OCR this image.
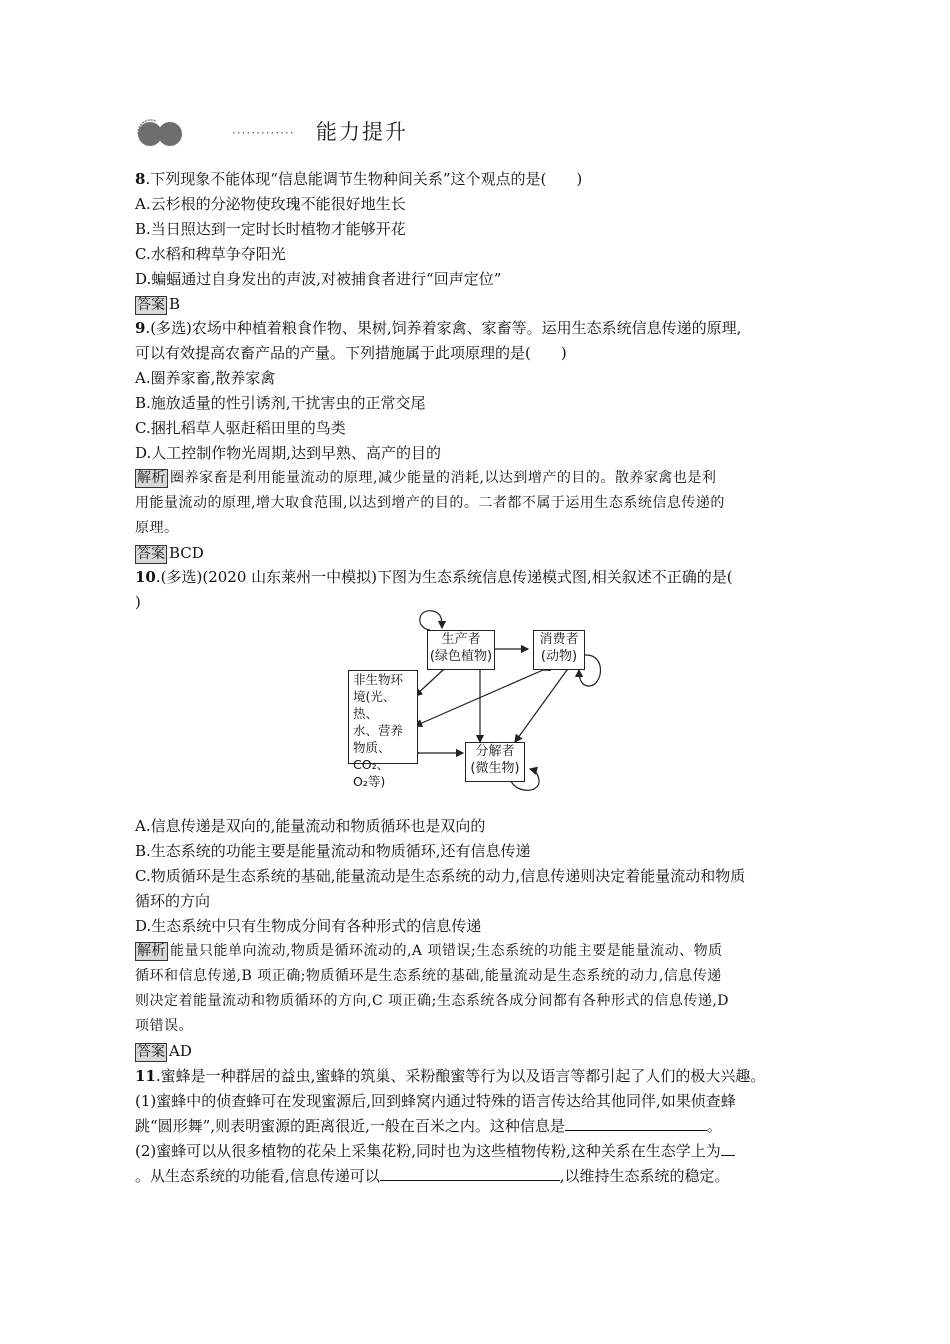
············· 能力提升
8.下列现象不能体现“信息能调节生物种间关系”这个观点的是(　　)
A.云杉根的分泌物使玫瑰不能很好地生长
B.当日照达到一定时长时植物才能够开花
C.水稻和稗草争夺阳光
D.蝙蝠通过自身发出的声波,对被捕食者进行“回声定位”
答案 B
9.(多选)农场中种植着粮食作物、果树,饲养着家禽、家畜等。运用生态系统信息传递的原理,
可以有效提高农畜产品的产量。下列措施属于此项原理的是(　　)
A.圈养家畜,散养家禽
B.施放适量的性引诱剂,干扰害虫的正常交尾
C.捆扎稻草人驱赶稻田里的鸟类
D.人工控制作物光周期,达到早熟、高产的目的
解析 圈养家畜是利用能量流动的原理,减少能量的消耗,以达到增产的目的。散养家禽也是利
用能量流动的原理,增大取食范围,以达到增产的目的。二者都不属于运用生态系统信息传递的
原理。
答案 BCD
10.(多选)(2020 山东莱州一中模拟)下图为生态系统信息传递模式图,相关叙述不正确的是(
)
生产者
(绿色植物)
消费者
(动物)
非生物环
境(光、热、
水、营养
物质、CO₂、
O₂等)
分解者
(微生物)
A.信息传递是双向的,能量流动和物质循环也是双向的
B.生态系统的功能主要是能量流动和物质循环,还有信息传递
C.物质循环是生态系统的基础,能量流动是生态系统的动力,信息传递则决定着能量流动和物质
循环的方向
D.生态系统中只有生物成分间有各种形式的信息传递
解析 能量只能单向流动,物质是循环流动的,A 项错误;生态系统的功能主要是能量流动、物质
循环和信息传递,B 项正确;物质循环是生态系统的基础,能量流动是生态系统的动力,信息传递
则决定着能量流动和物质循环的方向,C 项正确;生态系统各成分间都有各种形式的信息传递,D
项错误。
答案 AD
11.蜜蜂是一种群居的益虫,蜜蜂的筑巢、采粉酿蜜等行为以及语言等都引起了人们的极大兴趣。
(1)蜜蜂中的侦查蜂可在发现蜜源后,回到蜂窝内通过特殊的语言传达给其他同伴,如果侦查蜂
跳“圆形舞”,则表明蜜源的距离很近,一般在百米之内。这种信息是	。
(2)蜜蜂可以从很多植物的花朵上采集花粉,同时也为这些植物传粉,这种关系在生态学上为
。从生态系统的功能看,信息传递可以	,以维持生态系统的稳定。
